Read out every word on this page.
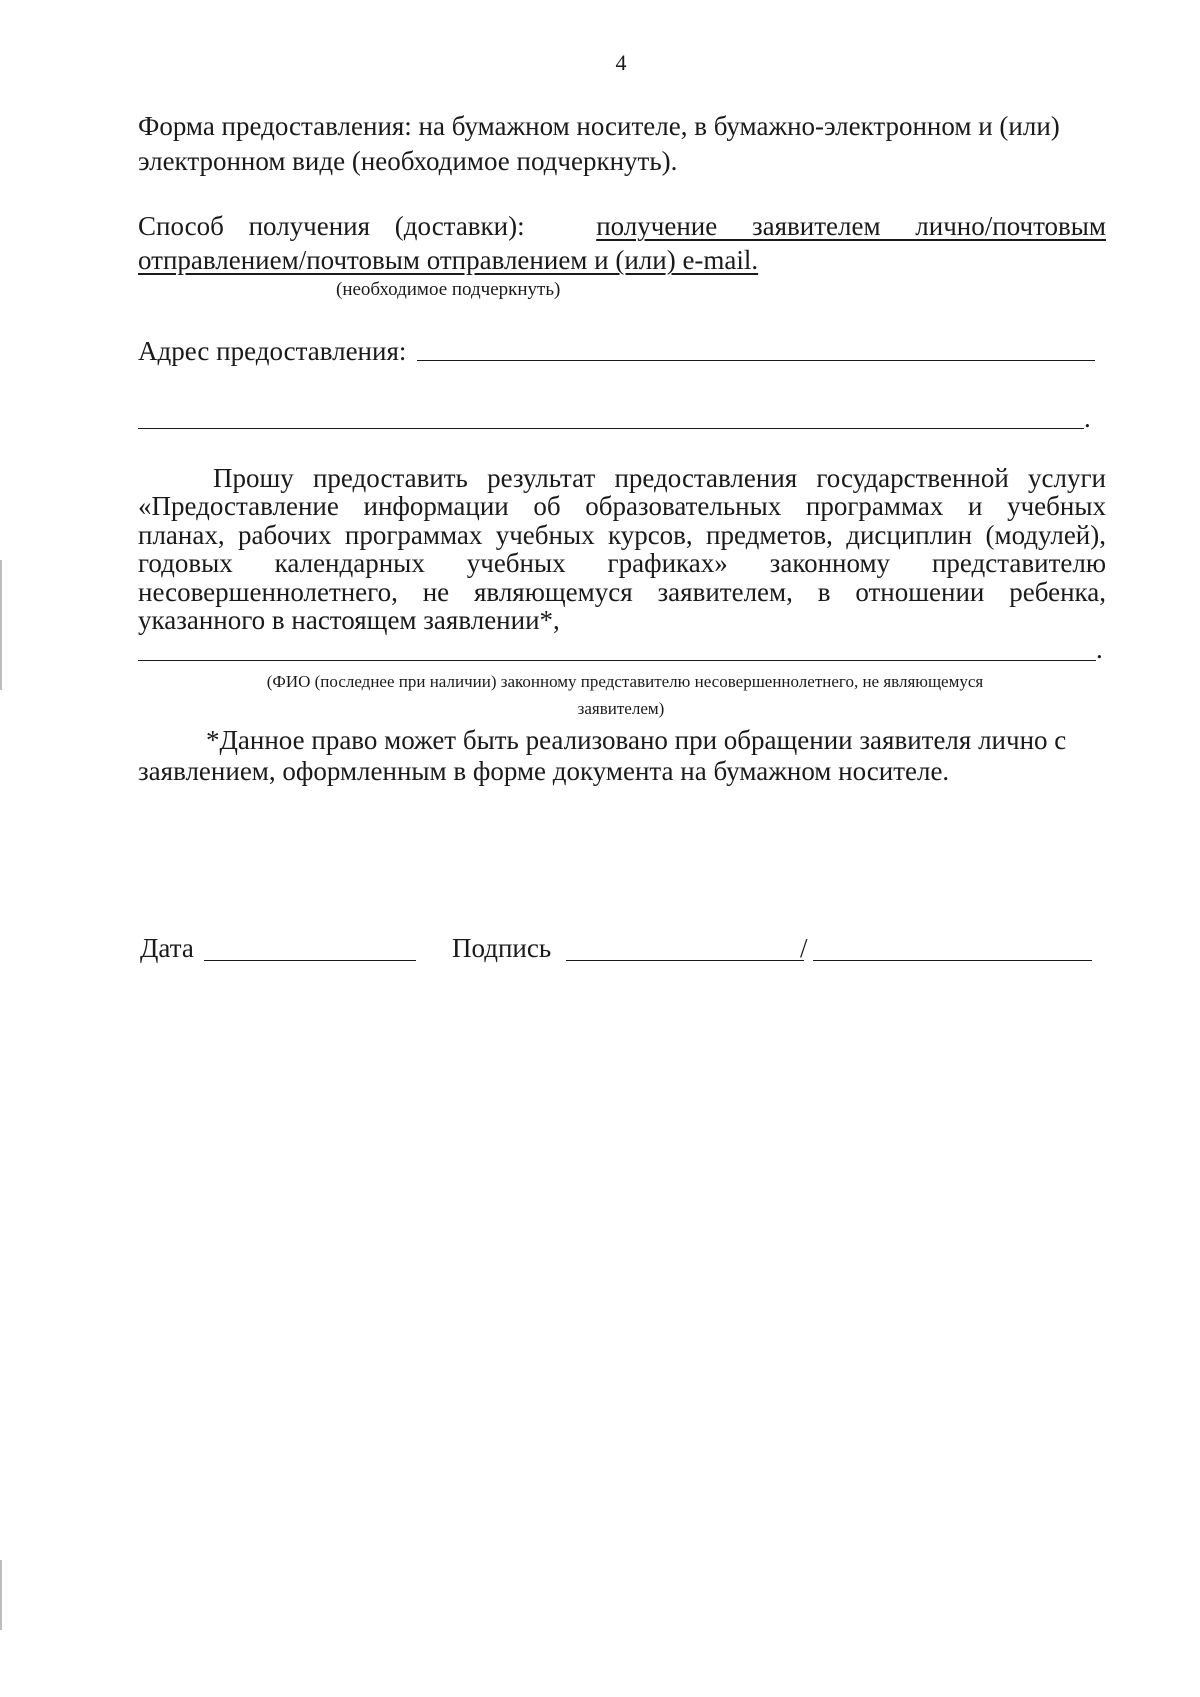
4
Форма предоставления: на бумажном носителе, в бумажно-электронном и (или)
электронном виде (необходимое подчеркнуть).
Способ получения (доставки):	получение заявителем лично/почтовым
отправлением/почтовым отправлением и (или) e-mail.
(необходимое подчеркнуть)
Адрес предоставления:
.
Прошу предоставить результат предоставления государственной услуги
«Предоставление информации об образовательных программах и учебных
планах, рабочих программах учебных курсов, предметов, дисциплин (модулей),
годовых календарных учебных графиках» законному представителю
несовершеннолетнего, не являющемуся заявителем, в отношении ребенка,
указанного в настоящем заявлении*,
.
(ФИО (последнее при наличии) законному представителю несовершеннолетнего, не являющемуся
заявителем)
*Данное право может быть реализовано при обращении заявителя лично с
заявлением, оформленным в форме документа на бумажном носителе.
Дата	Подпись	/
